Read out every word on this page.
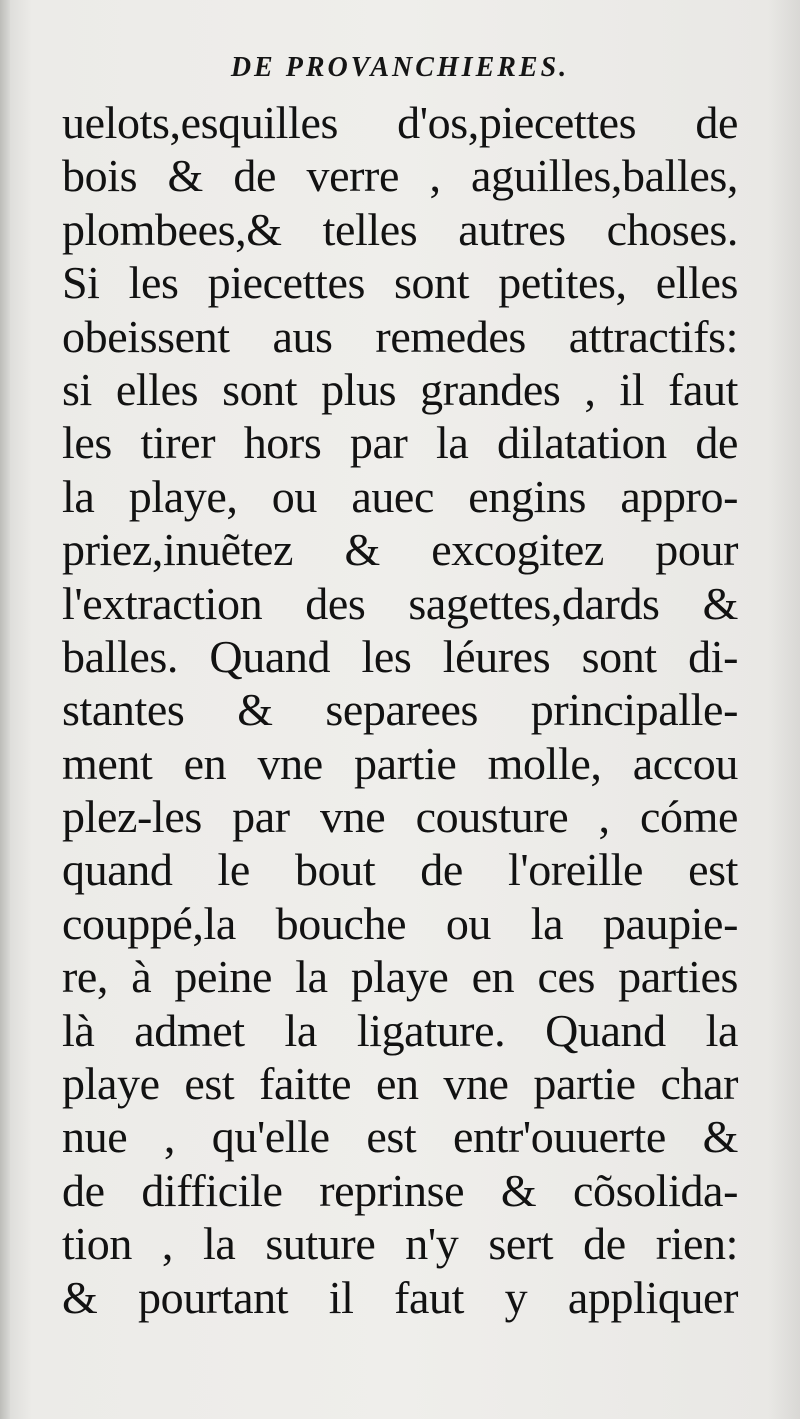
DE PROVANCHIERES.
uelots,esquilles d'os,piecettes de
bois & de verre , aguilles,balles,
plombees,& telles autres choses.
Si les piecettes sont petites, elles
obeissent aus remedes attractifs:
si elles sont plus grandes , il faut
les tirer hors par la dilatation de
la playe, ou auec engins appro-
priez,inuẽtez & excogitez pour
l'extraction des sagettes,dards &
balles. Quand les léures sont di-
stantes & separees principalle-
ment en vne partie molle, accou
plez-les par vne cousture , cóme
quand le bout de l'oreille est
couppé,la bouche ou la paupie-
re, à peine la playe en ces parties
là admet la ligature. Quand la
playe est faitte en vne partie char
nue , qu'elle est entr'ouuerte &
de difficile reprinse & cõsolida-
tion , la suture n'y sert de rien:
& pourtant il faut y appliquer
